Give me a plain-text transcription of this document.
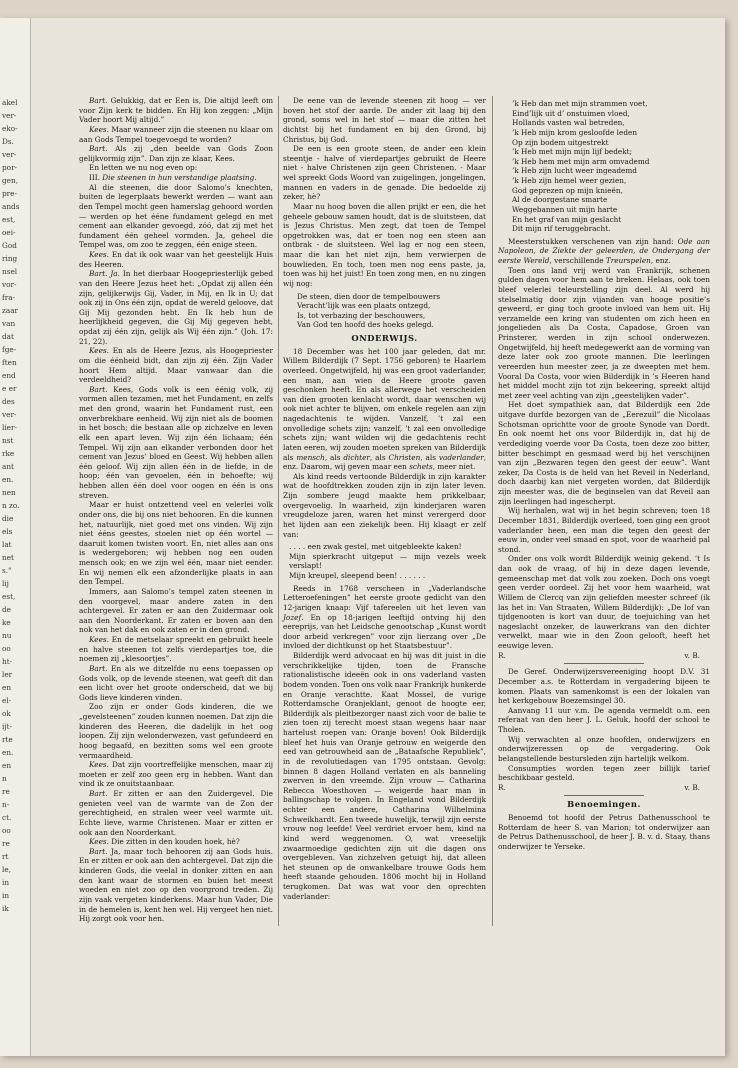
akel
ver-
eko-
Ds.
ver-
por-
gen,
pre-
ands
est,
oei-
God
ring
nsel
vor-
fra-
zaar
van
dat
fge-
ften
end
e er
des
ver-
lier-
nst
rke
ant
en.
nen
n zo.
die
els
lat
net
s."
lij
est,
de
ke
nu
oo
ht-
ler
en
el-
ok
ijt-
rte
en.
en
n
re
n-
ct.
oo
re
rt
le,
in
in
ik

Bart. Gelukkig, dat er Een is, Die altijd leeft om voor Zijn kerk te bidden. En Hij kon zeggen: „Mijn Vader hoort Mij altijd.”

Kees. Maar wanneer zijn die steenen nu klaar om aan Gods Tempel toegevoegd te worden?

Bart. Als zij „den beelde van Gods Zoon gelijkvormig zijn”. Dan zijn ze klaar, Kees.

En letten we nu nog even op:

III. Die steenen in hun verstandige plaatsing.

Al die steenen, die door Salomo’s knechten, buiten de legerplaats bewerkt werden — want aan den Tempel mocht geen hamerslag gehoord worden — werden op het ééne fundament gelegd en met cement aan elkander gevoegd, zóó, dat zij met het fundament één geheel vormden. Ja, geheel die Tempel was, om zoo te zeggen, één enige steen.

Kees. En dat ik ook waar van het geestelijk Huis des Heeren.

Bart. Ja. In het dierbaar Hoogepriesterlijk gebed van den Heere Jezus heet het: „Opdat zij allen één zijn, gelijkerwijs Gij, Vader, in Mij, en Ik in U; dat ook zij in Ons één zijn, opdat de wereld geloove, dat Gij Mij gezonden hebt. En Ik heb hun de heerlijkheid gegeven, die Gij Mij gegeven hebt, opdat zij één zijn, gelijk als Wij één zijn.” (Joh. 17: 21, 22).

Kees. En als de Heere Jezus, als Hoogepriester om die éénheid bidt, dan zijn zij één. Zijn Vader hoort Hem altijd. Maar vanwaar dan die verdeeldheid?

Bart. Kees, Gods volk is een éénig volk, zij vormen allen tezamen, met het Fundament, en zelfs met den grond, waarin het Fundament rust, een onverbrekbare eenheid. Wij zijn niet als de boomen in het bosch; die bestaan alle op zichzelve en leven elk een apart leven. Wij zijn één lichaam; één Tempel. Wij zijn aan elkander verbonden door het cement van Jezus’ bloed en Geest. Wij hebben allen één geloof. Wij zijn allen één in de liefde, in de hoop; één van gevoelen, één in behoefte; wij hebben allen één doel voor oogen en één is ons streven.

Maar er huist ontzettend veel en velerlei volk onder ons, die bij ons niet behooren. En die kunnen het, natuurlijk, niet goed met ons vinden. Wij zijn niet ééns geestes, stoelen niet op één wortel — daaruit komen twisten voort. En, niet alles aan ons is wedergeboren; wij hebben nog een ouden mensch ook; en we zijn wel één, maar niet eender. En wij nemen elk een afzonderlijke plaats in aan den Tempel.

Immers, aan Salomo’s tempel zaten steenen in den voorgevel, maar andere zaten in den achtergevel. Er zaten er aan den Zuidermaar ook aan den Noorderkant. Er zaten er boven aan den nok van het dak en ook zaten er in den grond.

Kees. En de metselaar spreekt en gebruikt heele en halve steenen tot zelfs vierdepartjes toe, die noemen zij „klesoortjes”.

Bart. En als we ditzelfde nu eens toepassen op Gods volk, op de levende steenen, wat geeft dit dan een licht over het groote onderscheid, dat we bij Gods lieve kinderen vinden.

Zoo zijn er onder Gods kinderen, die we „gevelsteenen” zouden kunnen noemen. Dat zijn die kinderen des Heeren, die dadelijk in het oog loopen. Zij zijn welonderwezen, vast gefundeerd en hoog begaafd, en bezitten soms wel een groote vermaardheid.

Kees. Dat zijn voortreffelijke menschen, maar zij moeten er zelf zoo geen erg in hebben. Want dan vind ik ze onuitstaanbaar.

Bart. Er zitten er aan den Zuidergevel. Die genieten veel van de warmte van de Zon der gerechtigheid, en stralen weer veel warmte uit. Echte lieve, warme Christenen. Maar er zitten er ook aan den Noorderkant.

Kees. Die zitten in den kouden hoek, hè?

Bart. Ja, maar toch behooren zij aan Gods huis. En er zitten er ook aan den achtergevel. Dat zijn die kinderen Gods, die veelal in donker zitten en aan den kant waar de stormen en buien het meest woeden en niet zoo op den voorgrond treden. Zij zijn vaak vergeten kinderkens. Maar hun Vader, Die in de hemelen is, kent hen wel. Hij vergeet hen niet. Hij zorgt ook voor hen.

De eene van de levende steenen zit hoog — ver boven het stof der aarde. De ander zit laag bij den grond, soms wel in het stof — maar die zitten het dichtst bij het fundament en bij den Grond, bij Christus, bij God.

De een is een groote steen, de ander een klein steentje - halve of vierdepartjes gebruikt de Heere niet - halve Christenen zijn geen Christenen. - Maar wel spreekt Gods Woord van zuigelingen, jongelingen, mannen en vaders in de genade. Die bedoelde zij zeker, hè?

Maar nu hoog boven die allen prijkt er een, die het geheele gebouw samen houdt, dat is de sluitsteen, dat is Jezus Christus. Men zegt, dat toen de Tempel opgetrokken was, dat er toen nog een steen aan ontbrak - de sluitsteen. Wel lag er nog een steen, maar die kan het niet zijn, hem verwierpen de bouwlieden. En toch, toen men nog eens paste, ja, toen was hij het juist! En toen zong men, en nu zingen wij nog:

De steen, dien door de tempelbouwers
Veracht’lijk was een plaats ontzegd,
Is, tot verbazing der beschouwers,
Van God ten hoofd des hoeks gelegd.
ONDERWIJS.

18 December was het 100 jaar geleden, dat mr. Willem Bilderdijk (7 Sept. 1756 geboren) te Haarlem overleed. Ongetwijfeld, hij was een groot vaderlander, een man, aan wien de Heere groote gaven geschonken heeft. En als allerwege het verscheiden van dien grooten kenlacht wordt, daar wenschen wij ook niet achter te blijven, om enkele regelen aan zijn nagedachtenis te wijden. Vanzelf, ’t zal een onvolledige schets zijn; vanzelf, ’t zal een onvolledige schets zijn; want wilden wij die gedachtenis recht laten eeren, wij zouden moeten spreken van Bilderdijk als mensch, als dichter, als Christen, als vaderlander, enz. Daarom, wij geven maar een schets, meer niet.

Als kind reeds vertoonde Bilderdijk in zijn karakter wat de hoofdtrekken zouden zijn in zijn later leven. Zijn sombere jeugd maakte hem prikkelbaar, overgevoelig. In waarheid, zijn kinderjaren waren vreugdeloze jaren, waren het minst verergerd door het lijden aan een ziekelijk been. Hij klaagt er zelf van:

. . . . een zwak gestel, met uitgebleekte kaken!
Mijn spierkracht uitgeput — mijn vezels week verslapt!
Mijn kreupel, sleepend been! . . . . . .

Reeds in 1768 verscheen in „Vaderlandsche Letteroefeningen” het eerste groote gedicht van den 12-jarigen knaap: Vijf tafereelen uit het leven van Jozef. En op 18-jarigen leeftijd ontving hij den eereprijs, van het Leidsche genootschap „Kunst wordt door arbeid verkregen” voor zijn lierzang over „De invloed der dichtkunst op het Staatsbestuur”.

Bilderdijk werd advocaat en hij was dit juist in die verschrikkelijke tijden, toen de Fransche rationalistische ideeën ook in ons vaderland vasten bodem vonden. Toen ons volk naar Frankrijk hunkerde en Oranje verachtte. Kaat Mossel, de vurige Rotterdamsche Oranjeklant, genoot de hoogte eer, Bilderdijk als pleitbezorger naast zich voor de balie te zien toen zij terecht moest staan wegens haar naar hartelust roepen van: Oranje boven! Ook Bilderdijk bleef het huis van Oranje getrouw en weigerde den eed van getrouwheid aan de „Bataafsche Republiek”, in de revolutiedagen van 1795 ontstaan. Gevolg: binnen 8 dagen Holland verlaten en als banneling zwerven in den vreemde. Zijn vrouw — Catharina Rebecca Woesthoven — weigerde haar man in ballingschap te volgen. In Engeland vond Bilderdijk echter een andere, Catharina Wilhelmina Schweikhardt. Een tweede huwelijk, terwijl zijn eerste vrouw nog leefde! Veel verdriet ervoer hem, kind na kind werd weggenomen. O, wat vreeselijk zwaarmoedige gedichten zijn uit die dagen ons overgebleven. Van zichzelven getuigt hij, dat alleen het steunen op de onwankelbare trouwe Gods hem heeft staande gehouden. 1806 mocht hij in Holland terugkomen. Dat was wat voor den oprechten vaderlander:

’k Heb dan met mijn strammen voet,
Eind’lijk uit d’ onstuimen vloed,
Hollands vasten wal betreden,
’k Heb mijn krom gesloofde leden
Op zijn bodem uitgestrekt
’k Heb met mijn mijn lijf bedekt;
’k Heb hem met mijn arm omvademd
’k Heb zijn lucht weer ingeademd
’k Heb zijn hemel weer gezien,
God geprezen op mijn knieën,
Al de doorgestane smarte
Weggebannen uit mijn harte
En het graf van mijn geslacht
Dit mijn rif teruggebracht.

Meesterstukken verschenen van zijn hand: Ode aan Napoleon, de Ziekte der geleerden, de Ondergang der eerste Wereld, verschillende Treurspelen, enz.

Toen ons land vrij werd van Frankrijk, schenen gulden dagen voor hem aan te breken. Helaas, ook toen bleef velerlei teleurstelling zijn deel. Al werd hij stelselmatig door zijn vijanden van hooge positie’s geweerd, er ging toch groote invloed van hem uit. Hij verzamelde een kring van studenten om zich heen en jongelieden als Da Costa, Capadose, Groen van Prinsterer, werden in zijn school onderwezen. Ongetwijfeld, hij heeft medegewerkt aan de vorming van deze later ook zoo groote mannen. Die leerlingen vereerden hun meester zeer, ja ze dweepten met hem. Vooral Da Costa, voor wien Bilderdijk in ’s Heeren hand het middel mocht zijn tot zijn bekeering, spreekt altijd met zeer veel achting van zijn „geestelijken vader”.

Het doet sympathiek aan, dat Bilderdijk een 2de uitgave durfde bezorgen van de „Eerezuil” die Nicolaas Schotsman oprichtte voor de groote Synode van Dordt. En ook noemt het ons voor Bilderdijk in, dat hij de verdediging voerde voor Da Costa, toen deze zoo bitter, bitter beschimpt en gesmaad werd bij het verschijnen van zijn „Bezwaren tegen den geest der eeuw”. Want zeker, Da Costa is de held van het Reveil in Nederland, doch daarbij kan niet vergeten worden, dat Bilderdijk zijn meester was, die de beginselen van dat Reveil aan zijn leerlingen had ingescherpt.

Wij herhalen, wat wij in het begin schreven; toen 18 December 1831, Bilderdijk overleed, toen ging een groot vaderlander heen, een man die tegen den geest der eeuw in, onder veel smaad en spot, voor de waarheid pal stond.

Onder ons volk wordt Bilderdijk weinig gekend. ’t Is dan ook de vraag, of hij in deze dagen levende, gemeenschap met dat volk zou zoeken. Doch ons voegt geen verder oordeel. Zij het voor hem waarheid, wat Willem de Clercq van zijn geliefden meester schreef (ik las het in: Van Straaten, Willem Bilderdijk): „De lof van tijdgenooten is kort van duur, de toejuiching van het nageslacht onzeker, de lauwerkrans van den dichter verwelkt, maar wie in den Zoon gelooft, heeft het eeuwige leven.

R.	v. B.

De Geref. Onderwijzersvereeniging hoopt D.V. 31 December a.s. te Rotterdam in vergadering bijeen te komen. Plaats van samenkomst is een der lokalen van het kerkgebouw Boezemsingel 30.

Aanvang 11 uur v.m. De agenda vermeldt o.m. een referaat van den heer J. L. Geluk, hoofd der school te Tholen.

Wij verwachten al onze hoofden, onderwijzers en onderwijzeressen op de vergadering. Ook belangstellende bestursleden zijn hartelijk welkom.

Consumpties worden tegen zeer billijk tarief beschikbaar gesteld.

R.	v. B.
Benoemingen.

Benoemd tot hoofd der Petrus Dathenusschool te Rotterdam de heer S. van Marion; tot onderwijzer aan de Petrus Dathenusschool, de heer J. B. v. d. Staay, thans onderwijzer te Yerseke.
